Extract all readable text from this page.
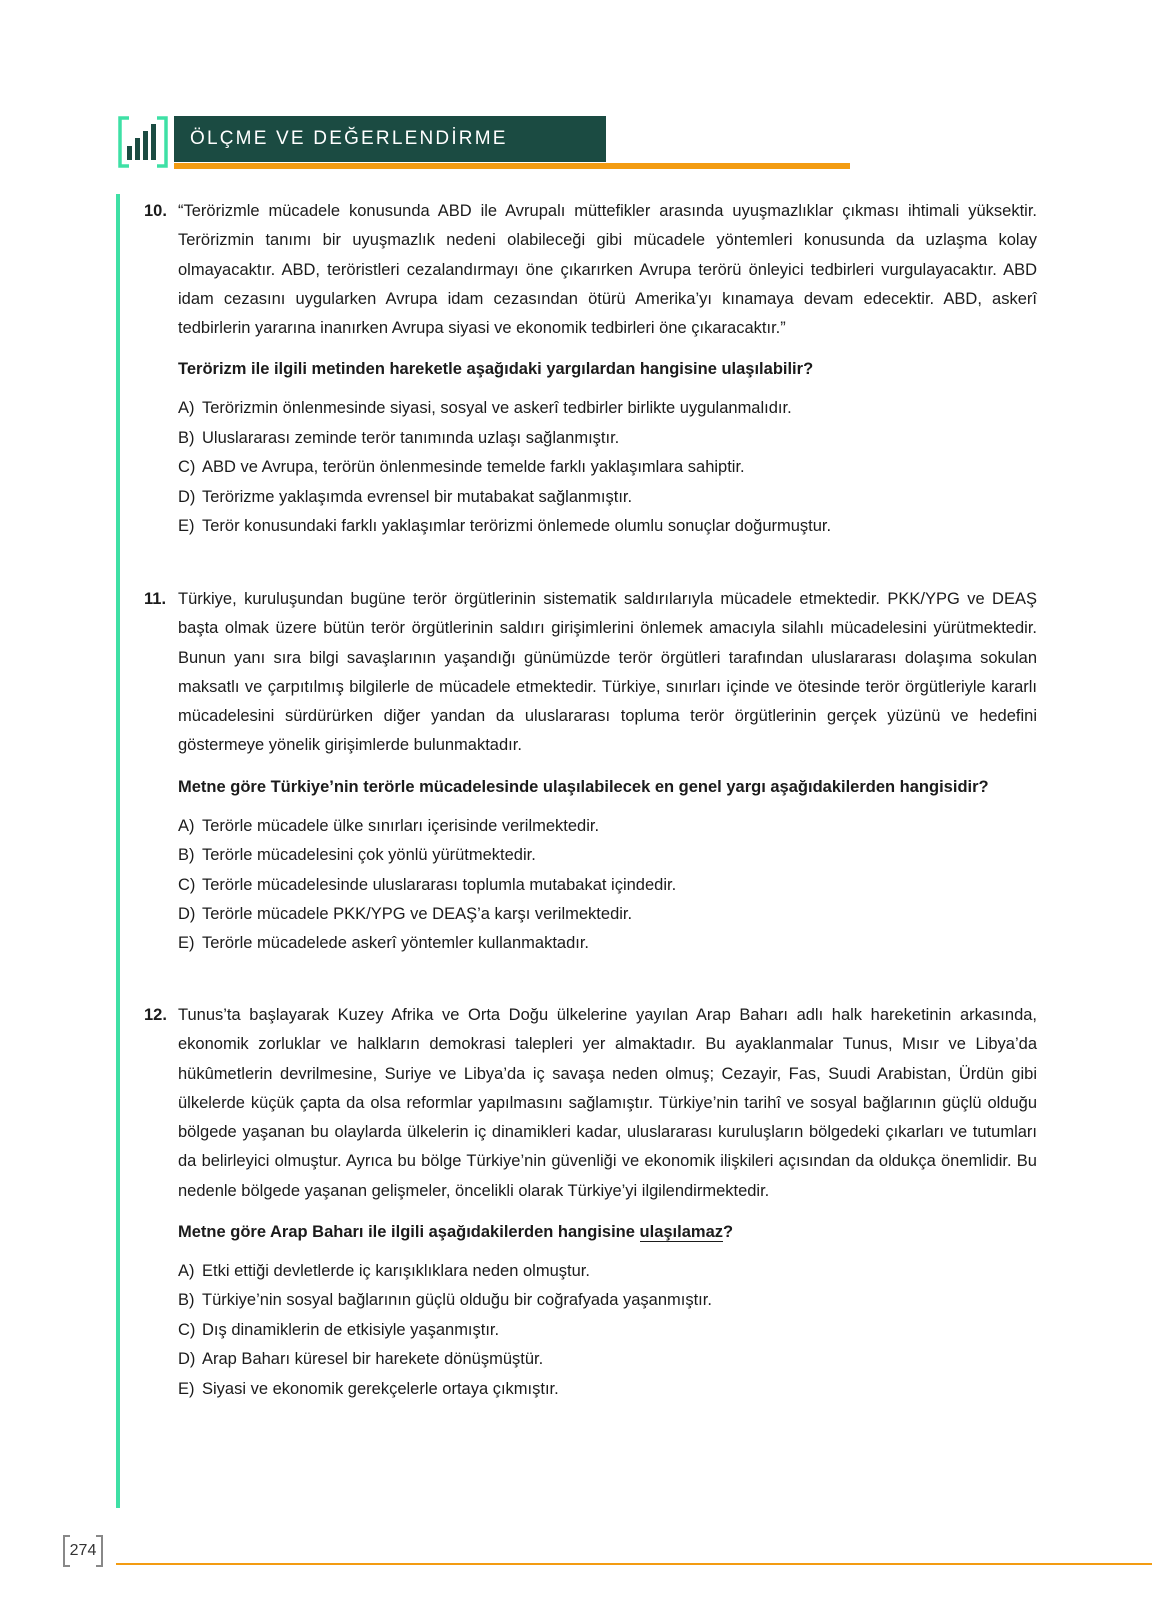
ÖLÇME VE DEĞERLENDİRME
10. “Terörizmle mücadele konusunda ABD ile Avrupalı müttefikler arasında uyuşmazlıklar çıkması ihtimali yüksektir. Terörizmin tanımı bir uyuşmazlık nedeni olabileceği gibi mücadele yöntemleri konusunda da uzlaşma kolay olmayacaktır. ABD, teröristleri cezalandırmayı öne çıkarırken Avrupa terörü önleyici tedbirleri vurgulayacaktır. ABD idam cezasını uygularken Avrupa idam cezasından ötürü Amerika’yı kınamaya devam edecektir. ABD, askerî tedbirlerin yararına inanırken Avrupa siyasi ve ekonomik tedbirleri öne çıkaracaktır.”
Terörizm ile ilgili metinden hareketle aşağıdaki yargılardan hangisine ulaşılabilir?
A) Terörizmin önlenmesinde siyasi, sosyal ve askerî tedbirler birlikte uygulanmalıdır.
B) Uluslararası zeminde terör tanımında uzlaşı sağlanmıştır.
C) ABD ve Avrupa, terörün önlenmesinde temelde farklı yaklaşımlara sahiptir.
D) Terörizme yaklaşımda evrensel bir mutabakat sağlanmıştır.
E) Terör konusundaki farklı yaklaşımlar terörizmi önlemede olumlu sonuçlar doğurmuştur.
11. Türkiye, kuruluşundan bugüne terör örgütlerinin sistematik saldırılarıyla mücadele etmektedir. PKK/YPG ve DEAŞ başta olmak üzere bütün terör örgütlerinin saldırı girişimlerini önlemek amacıyla silahlı mücadelesini yürütmektedir. Bunun yanı sıra bilgi savaşlarının yaşandığı günümüzde terör örgütleri tarafından uluslararası dolaşıma sokulan maksatlı ve çarpıtılmış bilgilerle de mücadele etmektedir. Türkiye, sınırları içinde ve ötesinde terör örgütleriyle kararlı mücadelesini sürdürürken diğer yandan da uluslararası topluma terör örgütlerinin gerçek yüzünü ve hedefini göstermeye yönelik girişimlerde bulunmaktadır.
Metne göre Türkiye’nin terörle mücadelesinde ulaşılabilecek en genel yargı aşağıdakilerden hangisidir?
A) Terörle mücadele ülke sınırları içerisinde verilmektedir.
B) Terörle mücadelesini çok yönlü yürütmektedir.
C) Terörle mücadelesinde uluslararası toplumla mutabakat içindedir.
D) Terörle mücadele PKK/YPG ve DEAŞ’a karşı verilmektedir.
E) Terörle mücadelede askerî yöntemler kullanmaktadır.
12. Tunus’ta başlayarak Kuzey Afrika ve Orta Doğu ülkelerine yayılan Arap Baharı adlı halk hareketinin arkasında, ekonomik zorluklar ve halkların demokrasi talepleri yer almaktadır. Bu ayaklanmalar Tunus, Mısır ve Libya’da hükûmetlerin devrilmesine, Suriye ve Libya’da iç savaşa neden olmuş; Cezayir, Fas, Suudi Arabistan, Ürdün gibi ülkelerde küçük çapta da olsa reformlar yapılmasını sağlamıştır. Türkiye’nin tarihî ve sosyal bağlarının güçlü olduğu bölgede yaşanan bu olaylarda ülkelerin iç dinamikleri kadar, uluslararası kuruluşların bölgedeki çıkarları ve tutumları da belirleyici olmuştur. Ayrıca bu bölge Türkiye’nin güvenliği ve ekonomik ilişkileri açısından da oldukça önemlidir. Bu nedenle bölgede yaşanan gelişmeler, öncelikli olarak Türkiye’yi ilgilendirmektedir.
Metne göre Arap Baharı ile ilgili aşağıdakilerden hangisine ulaşılamaz?
A) Etki ettiği devletlerde iç karışıklıklara neden olmuştur.
B) Türkiye’nin sosyal bağlarının güçlü olduğu bir coğrafyada yaşanmıştır.
C) Dış dinamiklerin de etkisiyle yaşanmıştır.
D) Arap Baharı küresel bir harekete dönüşmüştür.
E) Siyasi ve ekonomik gerekçelerle ortaya çıkmıştır.
274
